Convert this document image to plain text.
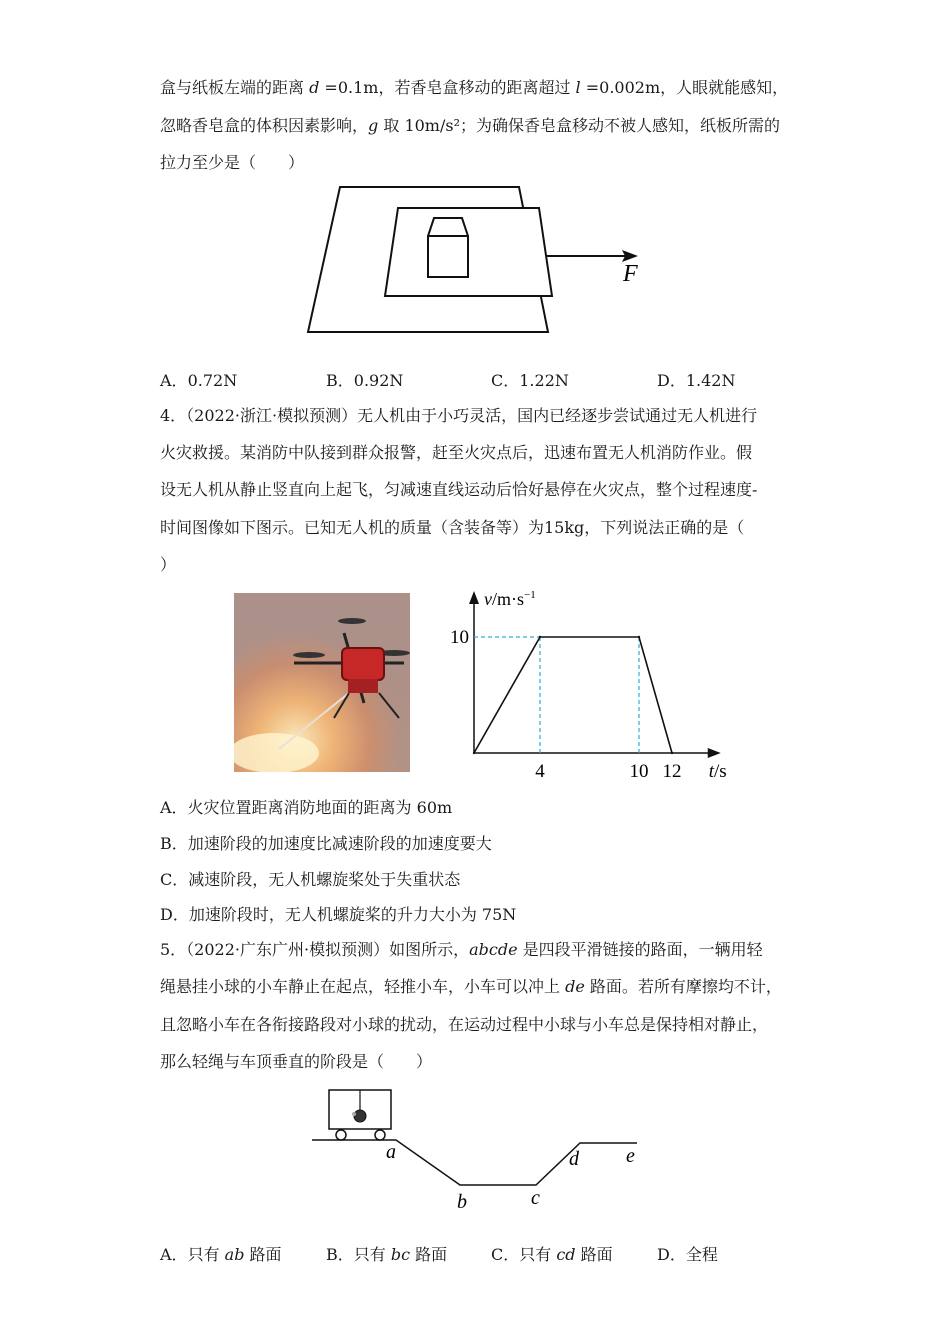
盒与纸板左端的距离 d =0.1m，若香皂盒移动的距离超过 l =0.002m，人眼就能感知，
忽略香皂盒的体积因素影响，g 取 10m/s²；为确保香皂盒移动不被人感知，纸板所需的
拉力至少是（　　）
F
A．0.72N	B．0.92N	C．1.22N	D．1.42N
4．（2022·浙江·模拟预测）无人机由于小巧灵活，国内已经逐步尝试通过无人机进行
火灾救援。某消防中队接到群众报警，赶至火灾点后，迅速布置无人机消防作业。假
设无人机从静止竖直向上起飞，匀减速直线运动后恰好悬停在火灾点，整个过程速度-
时间图像如下图示。已知无人机的质量（含装备等）为15kg，下列说法正确的是（
）
4	10 12
10
$v/m\cdot s^{-1}$
t/s
A．火灾位置距离消防地面的距离为 60m
B．加速阶段的加速度比减速阶段的加速度要大
C．减速阶段，无人机螺旋桨处于失重状态
D．加速阶段时，无人机螺旋桨的升力大小为 75N
5．（2022·广东广州·模拟预测）如图所示，abcde 是四段平滑链接的路面，一辆用轻
绳悬挂小球的小车静止在起点，轻推小车，小车可以冲上 de 路面。若所有摩擦均不计，
且忽略小车在各衔接路段对小球的扰动，在运动过程中小球与小车总是保持相对静止，
那么轻绳与车顶垂直的阶段是（　　）
a
b	c
d e
A．只有 ab 路面	B．只有 bc 路面	C．只有 cd 路面	D．全程
